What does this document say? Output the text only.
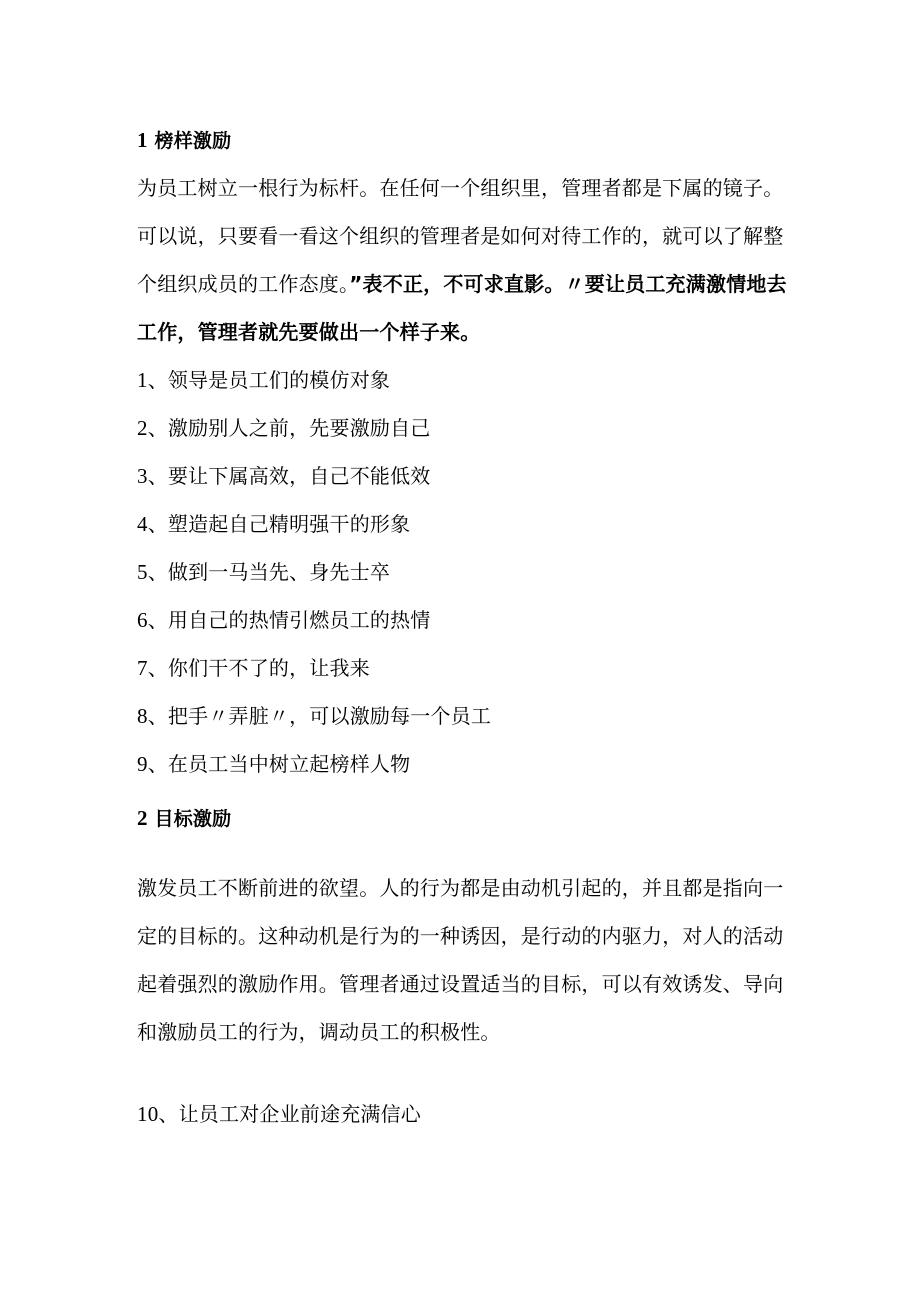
1 榜样激励
为员工树立一根行为标杆。在任何一个组织里，管理者都是下属的镜子。
可以说，只要看一看这个组织的管理者是如何对待工作的，就可以了解整
个组织成员的工作态度。”表不正，不可求直影。〃要让员工充满激情地去
工作，管理者就先要做出一个样子来。
1、领导是员工们的模仿对象
2、激励别人之前，先要激励自己
3、要让下属高效，自己不能低效
4、塑造起自己精明强干的形象
5、做到一马当先、身先士卒
6、用自己的热情引燃员工的热情
7、你们干不了的，让我来
8、把手〃弄脏〃，可以激励每一个员工
9、在员工当中树立起榜样人物
2 目标激励
激发员工不断前进的欲望。人的行为都是由动机引起的，并且都是指向一
定的目标的。这种动机是行为的一种诱因，是行动的内驱力，对人的活动
起着强烈的激励作用。管理者通过设置适当的目标，可以有效诱发、导向
和激励员工的行为，调动员工的积极性。
10、让员工对企业前途充满信心
